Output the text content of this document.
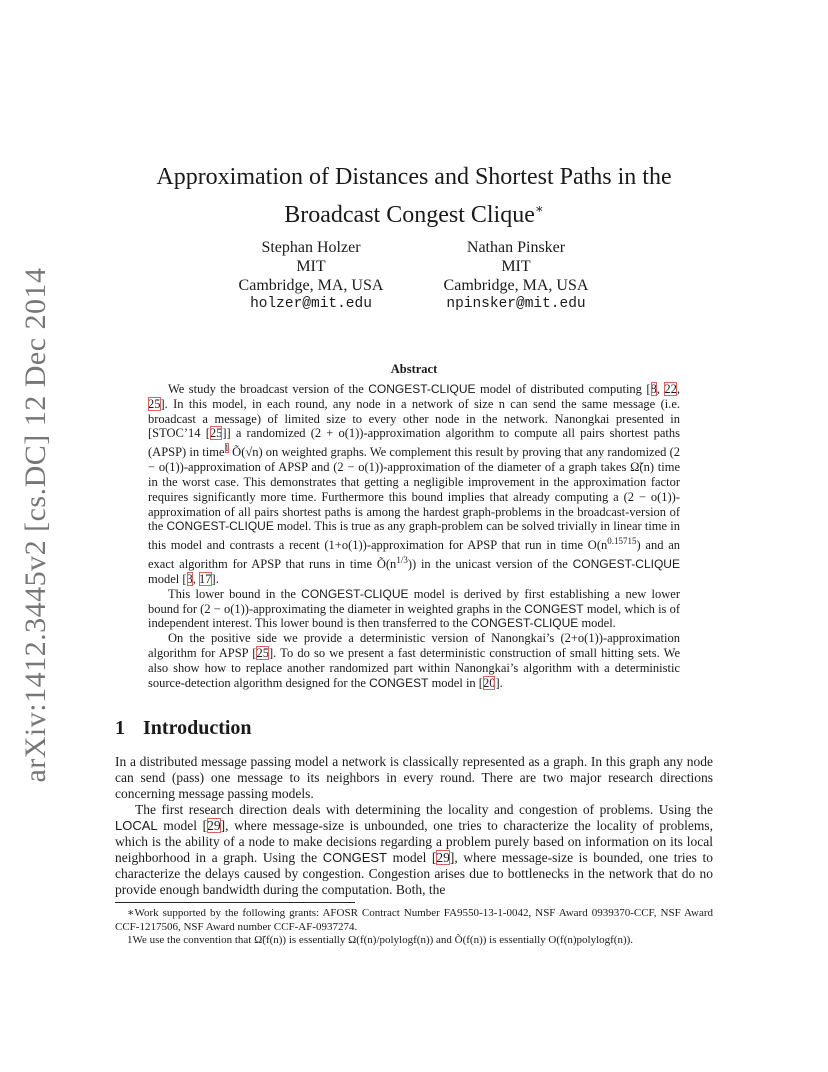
arXiv:1412.3445v2 [cs.DC] 12 Dec 2014
Approximation of Distances and Shortest Paths in the
Broadcast Congest Clique∗
Stephan Holzer
MIT
Cambridge, MA, USA
holzer@mit.edu
Nathan Pinsker
MIT
Cambridge, MA, USA
npinsker@mit.edu
Abstract

We study the broadcast version of the CONGEST-CLIQUE model of distributed computing [8, 22, 25]. In this model, in each round, any node in a network of size n can send the same message (i.e. broadcast a message) of limited size to every other node in the network. Nanongkai presented in [STOC’14 [25]] a randomized (2 + o(1))-approximation algorithm to compute all pairs shortest paths (APSP) in time$^1$ Õ(√n) on weighted graphs. We complement this result by proving that any randomized (2 − o(1))-approximation of APSP and (2 − o(1))-approximation of the diameter of a graph takes Ω̃(n) time in the worst case. This demonstrates that getting a negligible improvement in the approximation factor requires significantly more time. Furthermore this bound implies that already computing a (2 − o(1))-approximation of all pairs shortest paths is among the hardest graph-problems in the broadcast-version of the CONGEST-CLIQUE model. This is true as any graph-problem can be solved trivially in linear time in this model and contrasts a recent (1+o(1))-approximation for APSP that run in time $O(n^{0.15715})$ and an exact algorithm for APSP that runs in time $Õ(n^{1/3})$) in the unicast version of the CONGEST-CLIQUE model [3, 17].

This lower bound in the CONGEST-CLIQUE model is derived by first establishing a new lower bound for (2 − o(1))-approximating the diameter in weighted graphs in the CONGEST model, which is of independent interest. This lower bound is then transferred to the CONGEST-CLIQUE model.

On the positive side we provide a deterministic version of Nanongkai’s (2+o(1))-approximation algorithm for APSP [25]. To do so we present a fast deterministic construction of small hitting sets. We also show how to replace another randomized part within Nanongkai’s algorithm with a deterministic source-detection algorithm designed for the CONGEST model in [20].

1 Introduction

In a distributed message passing model a network is classically represented as a graph. In this graph any node can send (pass) one message to its neighbors in every round. There are two major research directions concerning message passing models.

The first research direction deals with determining the locality and congestion of problems. Using the LOCAL model [29], where message-size is unbounded, one tries to characterize the locality of problems, which is the ability of a node to make decisions regarding a problem purely based on information on its local neighborhood in a graph. Using the CONGEST model [29], where message-size is bounded, one tries to characterize the delays caused by congestion. Congestion arises due to bottlenecks in the network that do no provide enough bandwidth during the computation. Both, the

∗Work supported by the following grants: AFOSR Contract Number FA9550-13-1-0042, NSF Award 0939370-CCF, NSF Award CCF-1217506, NSF Award number CCF-AF-0937274.

1We use the convention that Ω̃(f(n)) is essentially Ω(f(n)/polylogf(n)) and Õ(f(n)) is essentially O(f(n)polylogf(n)).
